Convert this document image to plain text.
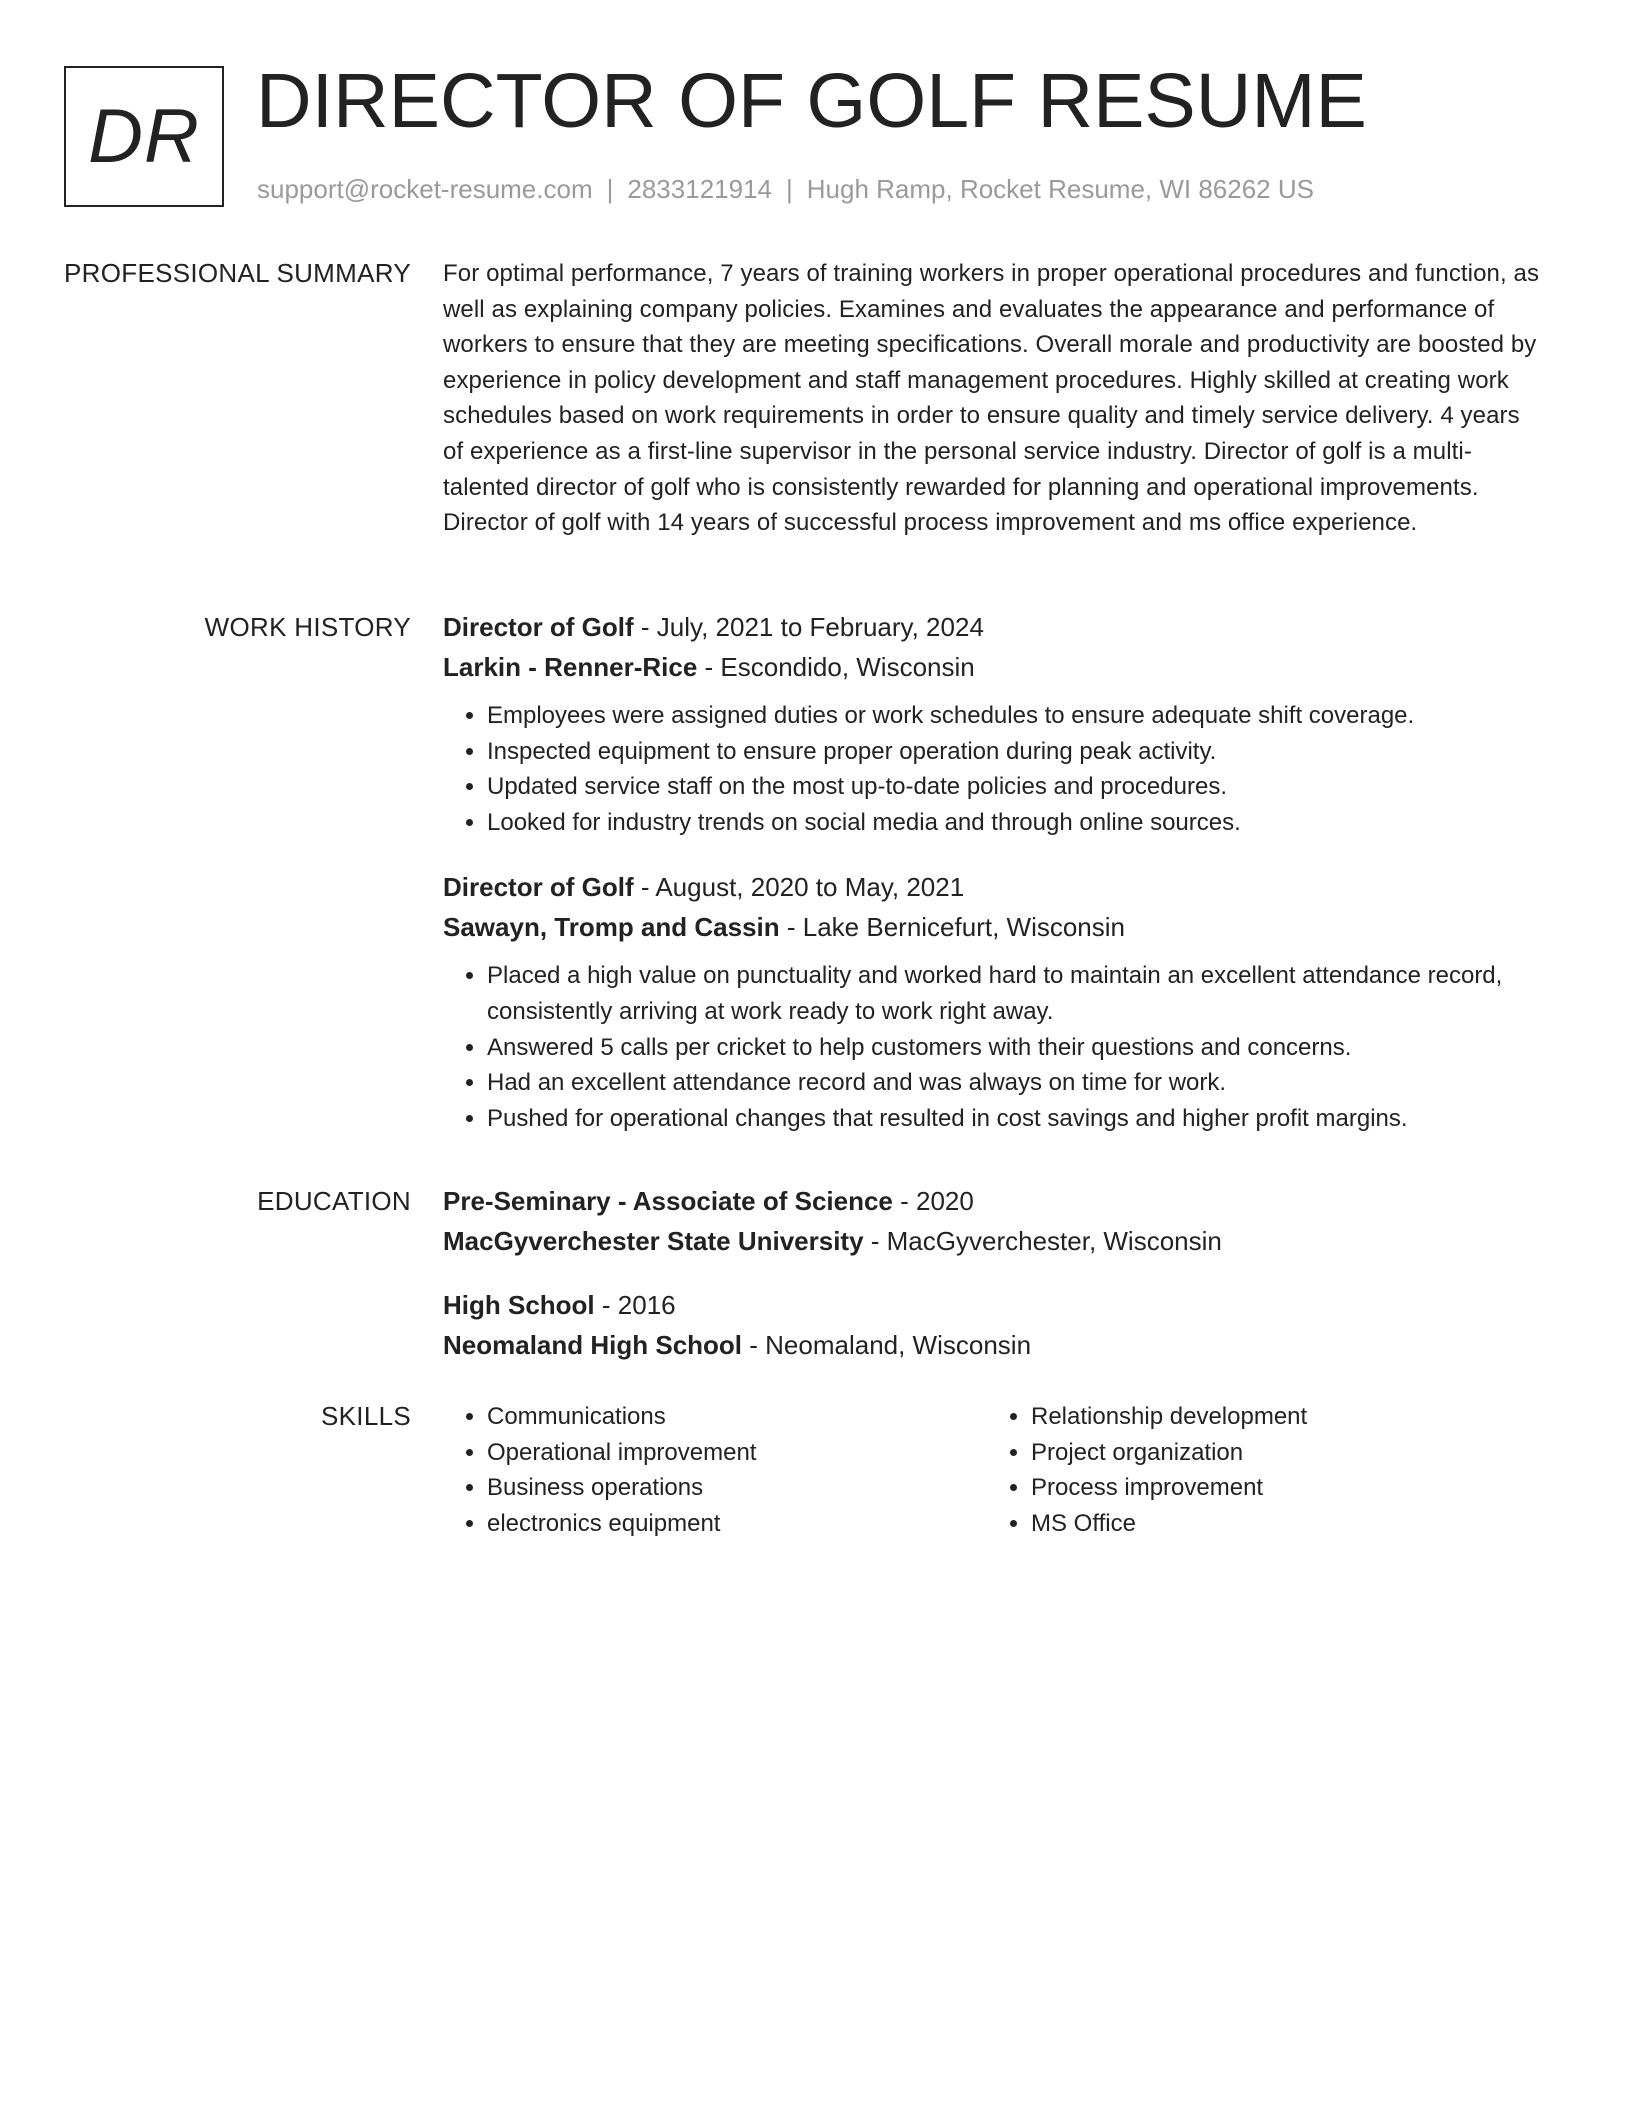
DR DIRECTOR OF GOLF RESUME
support@rocket-resume.com | 2833121914 | Hugh Ramp, Rocket Resume, WI 86262 US
PROFESSIONAL SUMMARY For optimal performance, 7 years of training workers in proper operational procedures and function, as well as explaining company policies. Examines and evaluates the appearance and performance of workers to ensure that they are meeting specifications. Overall morale and productivity are boosted by experience in policy development and staff management procedures. Highly skilled at creating work schedules based on work requirements in order to ensure quality and timely service delivery. 4 years of experience as a first-line supervisor in the personal service industry. Director of golf is a multi-talented director of golf who is consistently rewarded for planning and operational improvements. Director of golf with 14 years of successful process improvement and ms office experience.

WORK HISTORY Director of Golf - July, 2021 to February, 2024
Larkin - Renner-Rice - Escondido, Wisconsin
• Employees were assigned duties or work schedules to ensure adequate shift coverage.
• Inspected equipment to ensure proper operation during peak activity.
• Updated service staff on the most up-to-date policies and procedures.
• Looked for industry trends on social media and through online sources.
Director of Golf - August, 2020 to May, 2021
Sawayn, Tromp and Cassin - Lake Bernicefurt, Wisconsin
• Placed a high value on punctuality and worked hard to maintain an excellent attendance record, consistently arriving at work ready to work right away.
• Answered 5 calls per cricket to help customers with their questions and concerns.
• Had an excellent attendance record and was always on time for work.
• Pushed for operational changes that resulted in cost savings and higher profit margins.
EDUCATION Pre-Seminary - Associate of Science - 2020
MacGyverchester State University - MacGyverchester, Wisconsin
High School - 2016
Neomaland High School - Neomaland, Wisconsin
SKILLS
•	Communications
• Operational improvement
• Business operations
• electronics equipment
• Relationship development
• Project organization
• Process improvement
• MS Office
